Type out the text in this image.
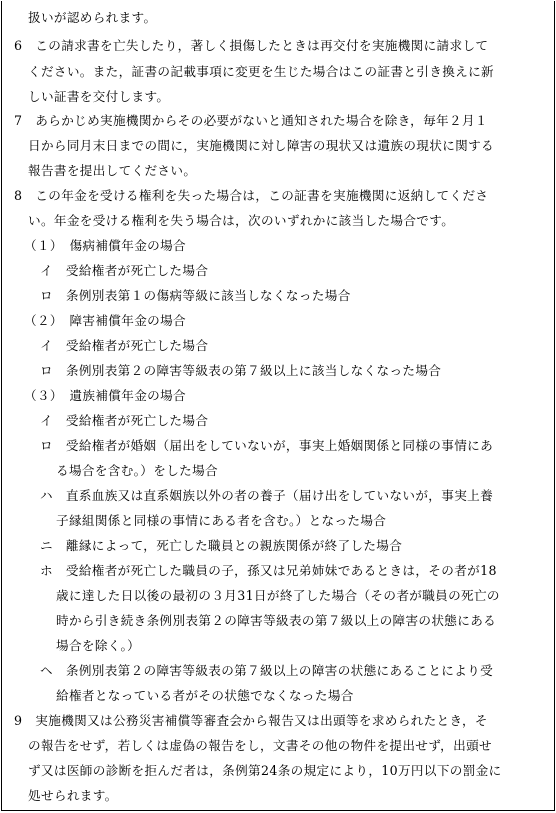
扱いが認められます。
6　この請求書を亡失したり，著しく損傷したときは再交付を実施機関に請求して
ください。また，証書の記載事項に変更を生じた場合はこの証書と引き換えに新
しい証書を交付します。
7　あらかじめ実施機関からその必要がないと通知された場合を除き，毎年２月１
日から同月末日までの間に，実施機関に対し障害の現状又は遺族の現状に関する
報告書を提出してください。
8　この年金を受ける権利を失った場合は，この証書を実施機関に返納してくださ
い。年金を受ける権利を失う場合は，次のいずれかに該当した場合です。
（１）　傷病補償年金の場合
イ　受給権者が死亡した場合
ロ　条例別表第１の傷病等級に該当しなくなった場合
（２）　障害補償年金の場合
イ　受給権者が死亡した場合
ロ　条例別表第２の障害等級表の第７級以上に該当しなくなった場合
（３）　遺族補償年金の場合
イ　受給権者が死亡した場合
ロ　受給権者が婚姻（届出をしていないが，事実上婚姻関係と同様の事情にあ
る場合を含む。）をした場合
ハ　直系血族又は直系姻族以外の者の養子（届け出をしていないが，事実上養
子縁組関係と同様の事情にある者を含む。）となった場合
ニ　離縁によって，死亡した職員との親族関係が終了した場合
ホ　受給権者が死亡した職員の子，孫又は兄弟姉妹であるときは，その者が18
歳に達した日以後の最初の３月31日が終了した場合（その者が職員の死亡の
時から引き続き条例別表第２の障害等級表の第７級以上の障害の状態にある
場合を除く。）
ヘ　条例別表第２の障害等級表の第７級以上の障害の状態にあることにより受
給権者となっている者がその状態でなくなった場合
9　実施機関又は公務災害補償等審査会から報告又は出頭等を求められたとき，そ
の報告をせず，若しくは虚偽の報告をし，文書その他の物件を提出せず，出頭せ
ず又は医師の診断を拒んだ者は，条例第24条の規定により，10万円以下の罰金に
処せられます。
